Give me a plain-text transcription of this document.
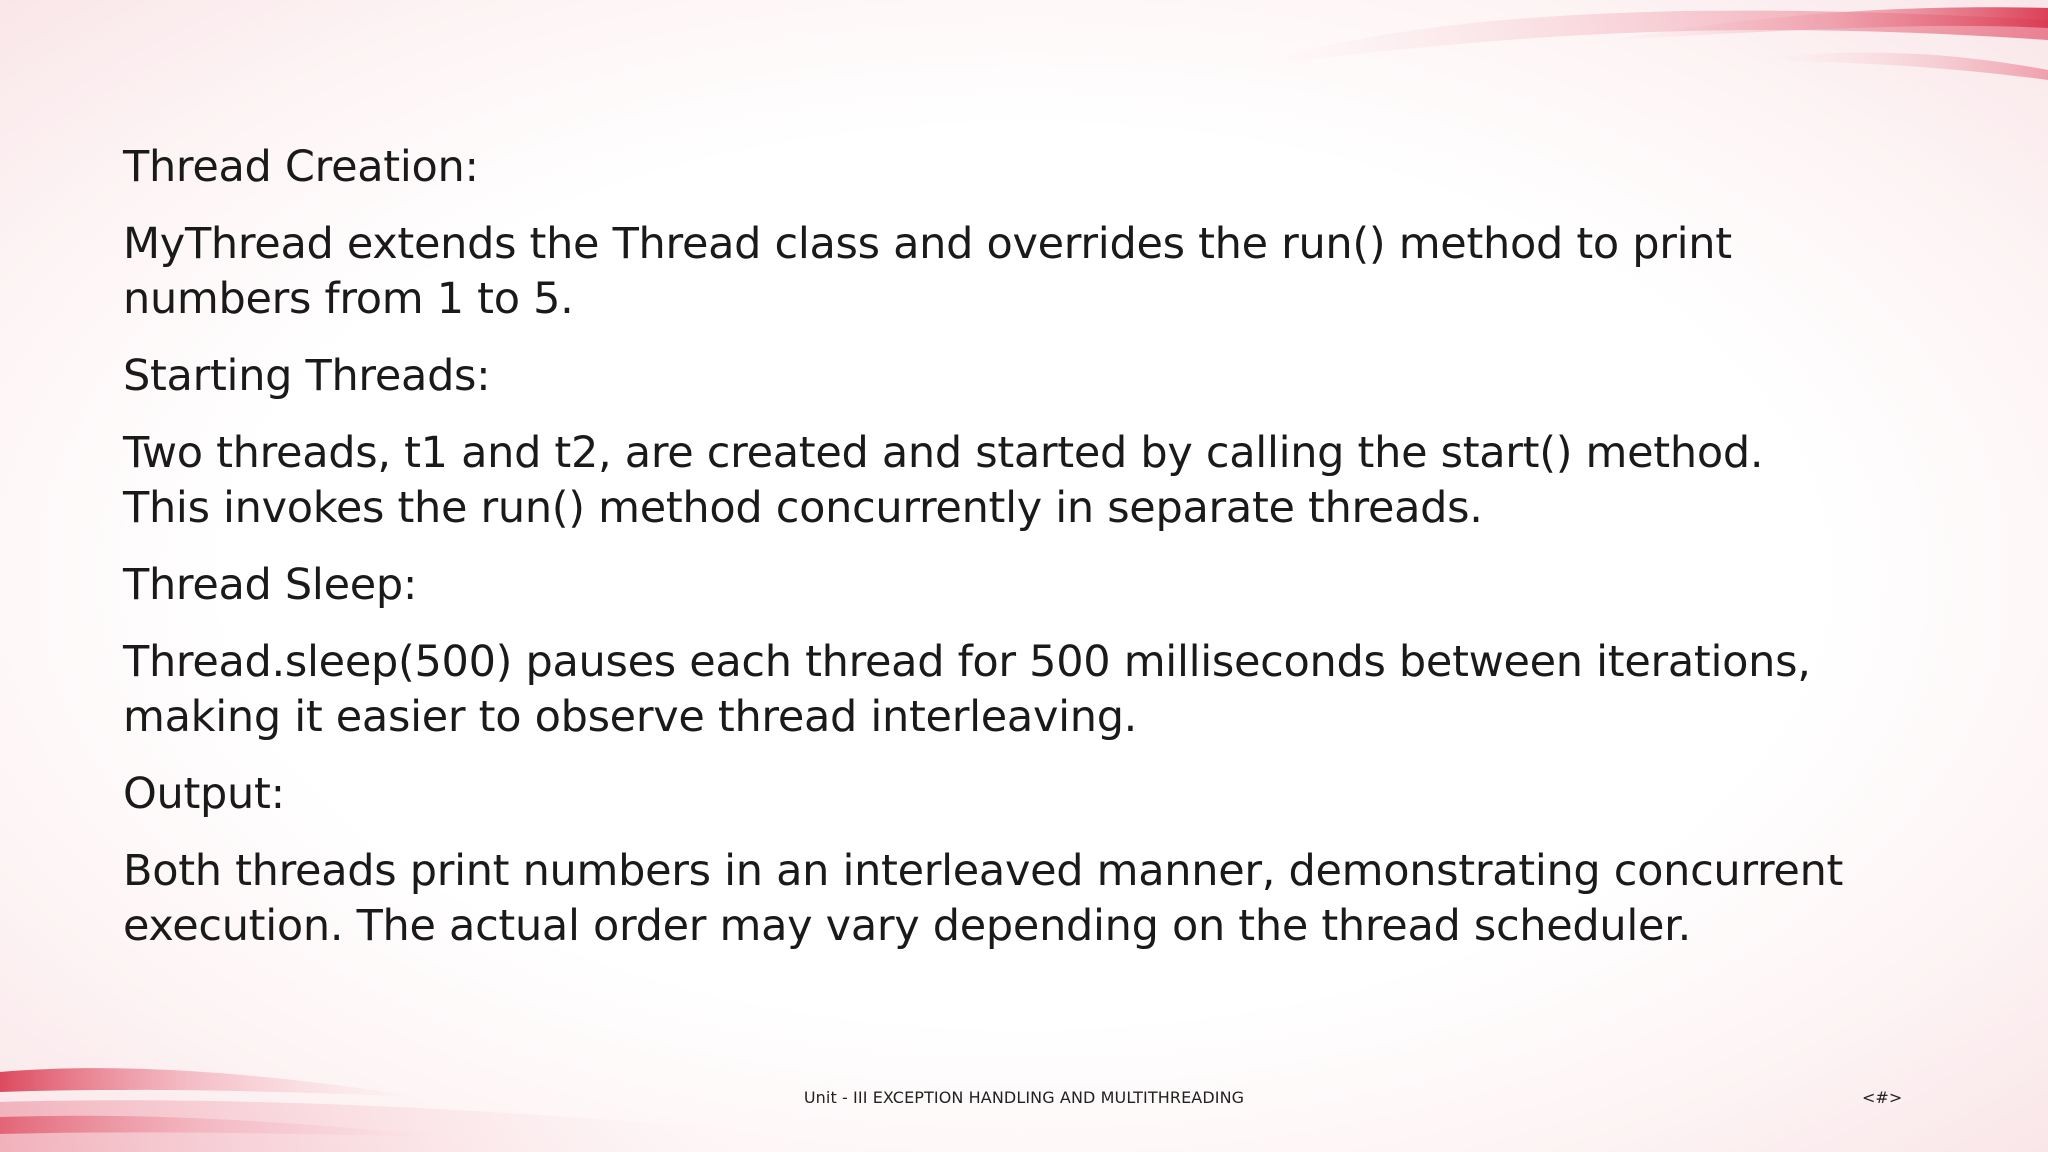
Thread Creation:

MyThread extends the Thread class and overrides the run() method to print numbers from 1 to 5.

Starting Threads:

Two threads, t1 and t2, are created and started by calling the start() method. This invokes the run() method concurrently in separate threads.

Thread Sleep:

Thread.sleep(500) pauses each thread for 500 milliseconds between iterations, making it easier to observe thread interleaving.

Output:

Both threads print numbers in an interleaved manner, demonstrating concurrent execution. The actual order may vary depending on the thread scheduler.

Unit - III EXCEPTION HANDLING AND MULTITHREADING	<#>
